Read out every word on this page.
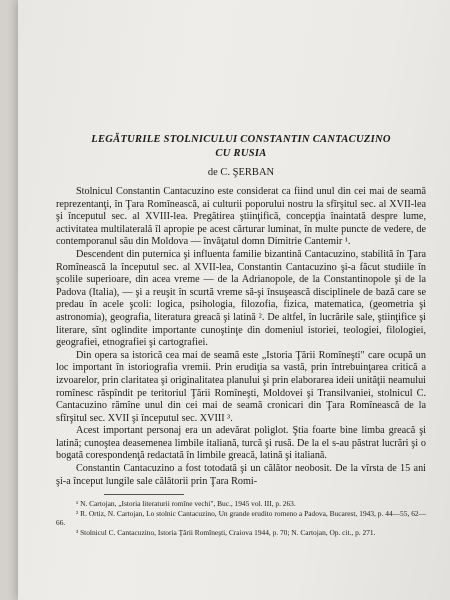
LEGĂTURILE STOLNICULUI CONSTANTIN CANTACUZINO
CU RUSIA
de C. ŞERBAN

Stolnicul Constantin Cantacuzino este considerat ca fiind unul din cei mai de seamă reprezentanţi, în Ţara Romînească, ai culturii poporului nostru la sfîrşitul sec. al XVII-lea şi începutul sec. al XVIII-lea. Pregătirea ştiinţifică, concepţia înaintată despre lume, activitatea multilaterală îl apropie pe acest cărturar luminat, în multe puncte de vedere, de contemporanul său din Moldova — învăţatul domn Dimitrie Cantemir ¹.

Descendent din puternica şi influenta familie bizantină Cantacuzino, stabilită în Ţara Romînească la începutul sec. al XVII-lea, Constantin Cantacuzino şi-a făcut studiile în şcolile superioare, din acea vreme — de la Adrianopole, de la Constantinopole şi de la Padova (Italia), — şi a reuşit în scurtă vreme să-şi însuşească disciplinele de bază care se predau în acele şcoli: logica, psihologia, filozofia, fizica, matematica, (geometria şi astronomia), geografia, literatura greacă şi latină ². De altfel, în lucrările sale, ştiinţifice şi literare, sînt oglindite importante cunoştinţe din domeniul istoriei, teologiei, filologiei, geografiei, etnografiei şi cartografiei.

Din opera sa istorică cea mai de seamă este „Istoria Ţării Romîneşti" care ocupă un loc important în istoriografia vremii. Prin erudiţia sa vastă, prin întrebuinţarea critică a izvoarelor, prin claritatea şi originalitatea planului şi prin elaborarea ideii unităţii neamului romînesc răspîndit pe teritoriul Ţării Romîneşti, Moldovei şi Transilvaniei, stolnicul C. Cantacuzino rămîne unul din cei mai de seamă cronicari din Ţara Romînească de la sfîrşitul sec. XVII şi începutul sec. XVIII ³.

Acest important personaj era un adevărat poliglot. Ştia foarte bine limba greacă şi latină; cunoştea deasemenea limbile italiană, turcă şi rusă. De la el s-au păstrat lucrări şi o bogată corespondenţă redactată în limbile greacă, latină şi italiană.

Constantin Cantacuzino a fost totodată şi un călător neobosit. De la vîrsta de 15 ani şi-a început lungile sale călătorii prin Ţara Romi-

¹ N. Cartojan, „Istoria literaturii romîne vechi", Buc., 1945 vol. III, p. 263.

² R. Ortiz, N. Cartojan, Lo stolnic Cantacuzino, Un grande erudito romeno a Padova, Bucarest, 1943, p. 44—55, 62—66.

³ Stolnicul C. Cantacuzino, Istoria Ţării Romîneşti, Craiova 1944, p. 70; N. Cartojan, Op. cit., p. 271.
